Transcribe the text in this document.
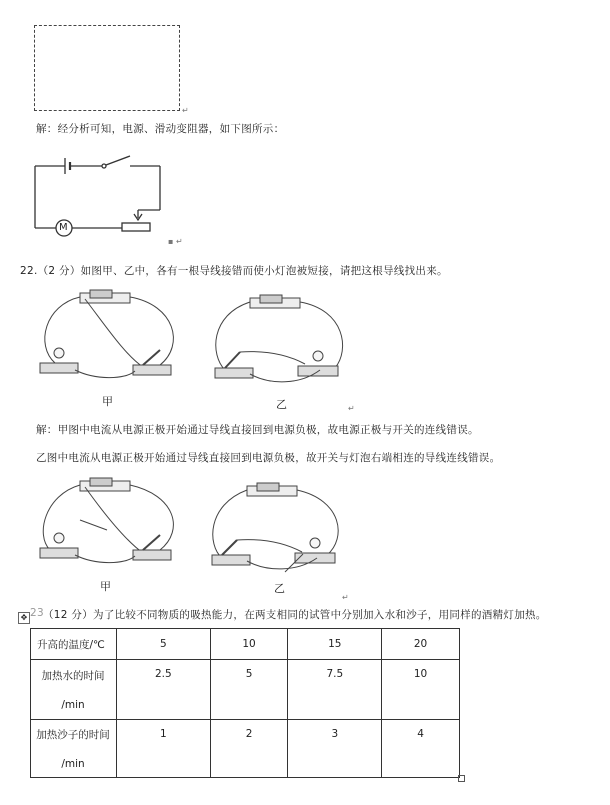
↵
解：经分析可知，电源、滑动变阻器，如下图所示：
M
▪ ↵
22.（2 分）如图甲、乙中，各有一根导线接错而使小灯泡被短接，请把这根导线找出来。
甲	乙	↵
解：甲图中电流从电源正极开始通过导线直接回到电源负极，故电源正极与开关的连线错误。
乙图中电流从电源正极开始通过导线直接回到电源负极，故开关与灯泡右端相连的导线连线错误。
甲	乙
↵
✥ 23 （12 分）为了比较不同物质的吸热能力，在两支相同的试管中分别加入水和沙子，用同样的酒精灯加热。
升高的温度/℃	5	10	15	20

加热水的时间
/min	2.5	5	7.5	10

加热沙子的时间
/min	1	2	3	4
